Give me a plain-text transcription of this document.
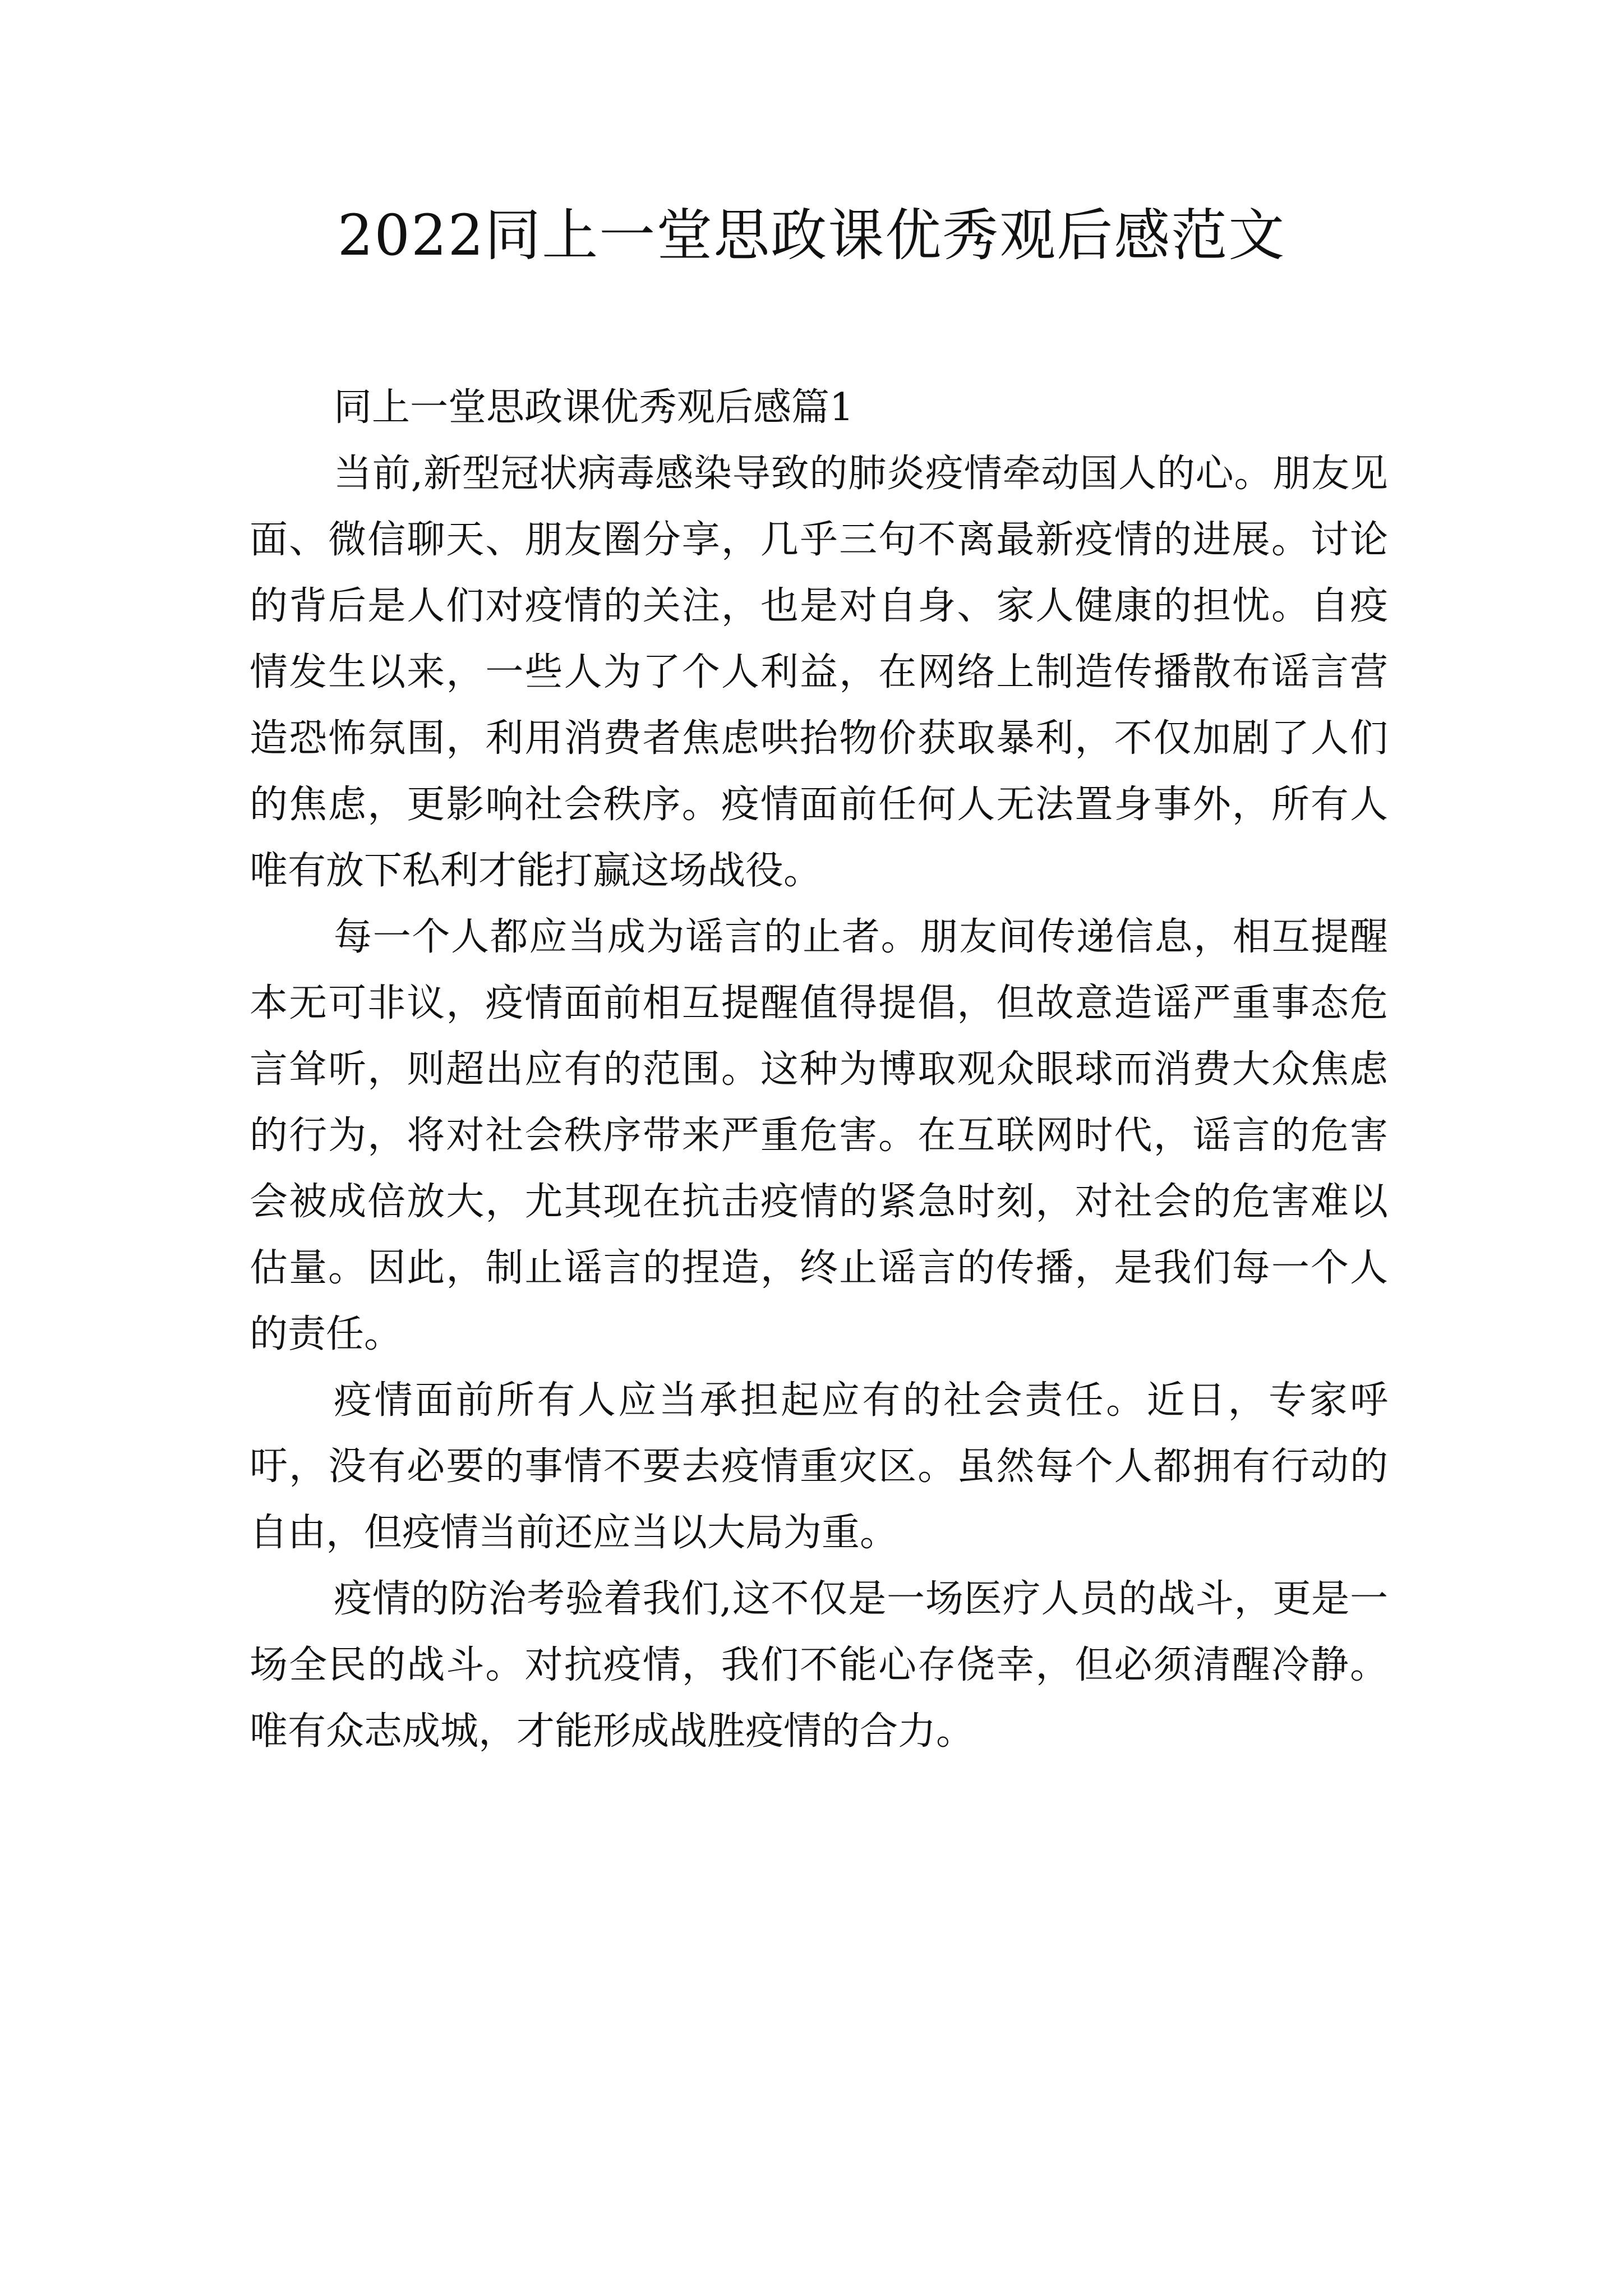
2022同上一堂思政课优秀观后感范文

同上一堂思政课优秀观后感篇1

当前,新型冠状病毒感染导致的肺炎疫情牵动国人的心。朋友见面、微信聊天、朋友圈分享，几乎三句不离最新疫情的进展。讨论的背后是人们对疫情的关注，也是对自身、家人健康的担忧。自疫情发生以来，一些人为了个人利益，在网络上制造传播散布谣言营造恐怖氛围，利用消费者焦虑哄抬物价获取暴利，不仅加剧了人们的焦虑，更影响社会秩序。疫情面前任何人无法置身事外，所有人唯有放下私利才能打赢这场战役。

每一个人都应当成为谣言的止者。朋友间传递信息，相互提醒本无可非议，疫情面前相互提醒值得提倡，但故意造谣严重事态危言耸听，则超出应有的范围。这种为博取观众眼球而消费大众焦虑的行为，将对社会秩序带来严重危害。在互联网时代，谣言的危害会被成倍放大，尤其现在抗击疫情的紧急时刻，对社会的危害难以估量。因此，制止谣言的捏造，终止谣言的传播，是我们每一个人的责任。

疫情面前所有人应当承担起应有的社会责任。近日，专家呼吁，没有必要的事情不要去疫情重灾区。虽然每个人都拥有行动的自由，但疫情当前还应当以大局为重。

疫情的防治考验着我们,这不仅是一场医疗人员的战斗，更是一场全民的战斗。对抗疫情，我们不能心存侥幸，但必须清醒冷静。唯有众志成城，才能形成战胜疫情的合力。
